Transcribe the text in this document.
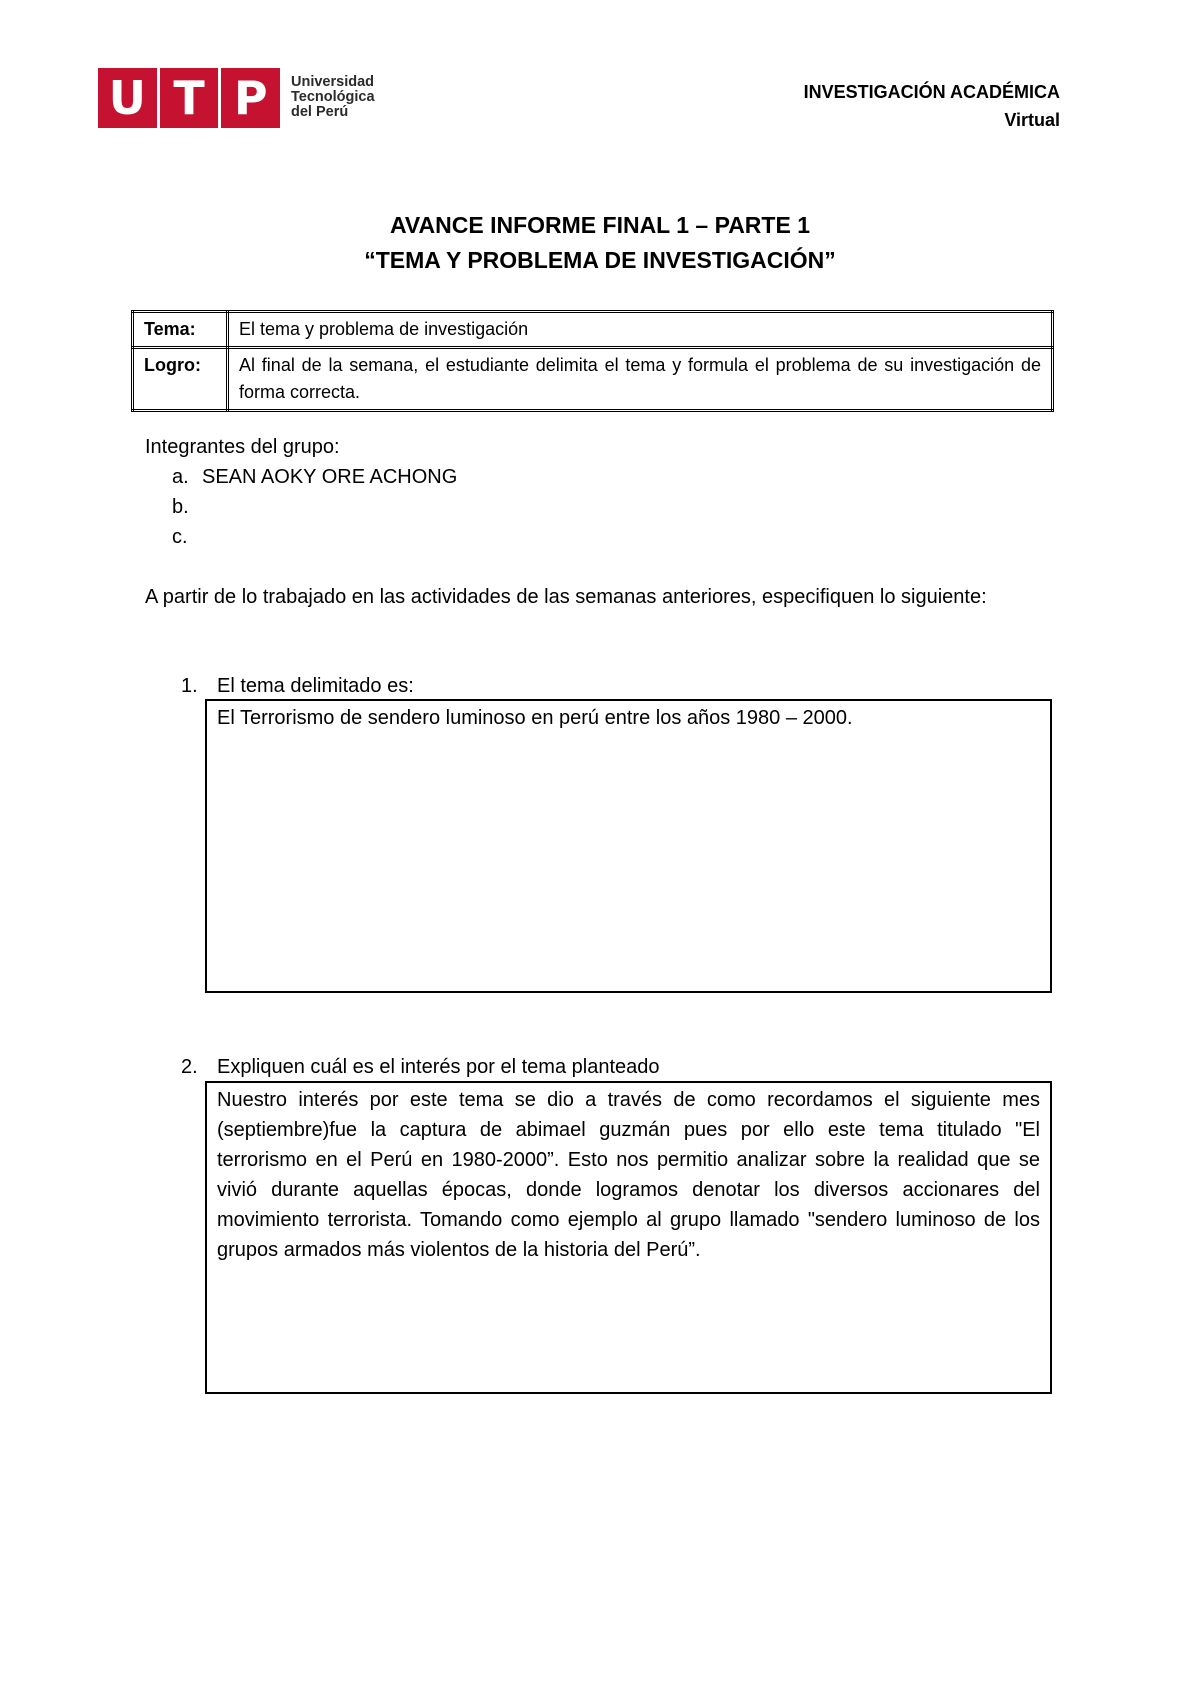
U T P	Universidad
Tecnológica
del Perú
INVESTIGACIÓN ACADÉMICA
Virtual
AVANCE INFORME FINAL 1 – PARTE 1
“TEMA Y PROBLEMA DE INVESTIGACIÓN”
Tema:	El tema y problema de investigación
Logro:	Al final de la semana, el estudiante delimita el tema y formula el problema de su investigación de forma correcta.
Integrantes del grupo:
a. SEAN AOKY ORE ACHONG
b.
c.
A partir de lo trabajado en las actividades de las semanas anteriores, especifiquen lo siguiente:
1. El tema delimitado es:
El Terrorismo de sendero luminoso en perú entre los años 1980 – 2000.
2. Expliquen cuál es el interés por el tema planteado
Nuestro interés por este tema se dio a través de como recordamos el siguiente mes (septiembre)fue la captura de abimael guzmán pues por ello este tema titulado "El terrorismo en el Perú en 1980-2000”. Esto nos permitio analizar sobre la realidad que se vivió durante aquellas épocas, donde logramos denotar los diversos accionares del movimiento terrorista. Tomando como ejemplo al grupo llamado "sendero luminoso de los grupos armados más violentos de la historia del Perú”.
